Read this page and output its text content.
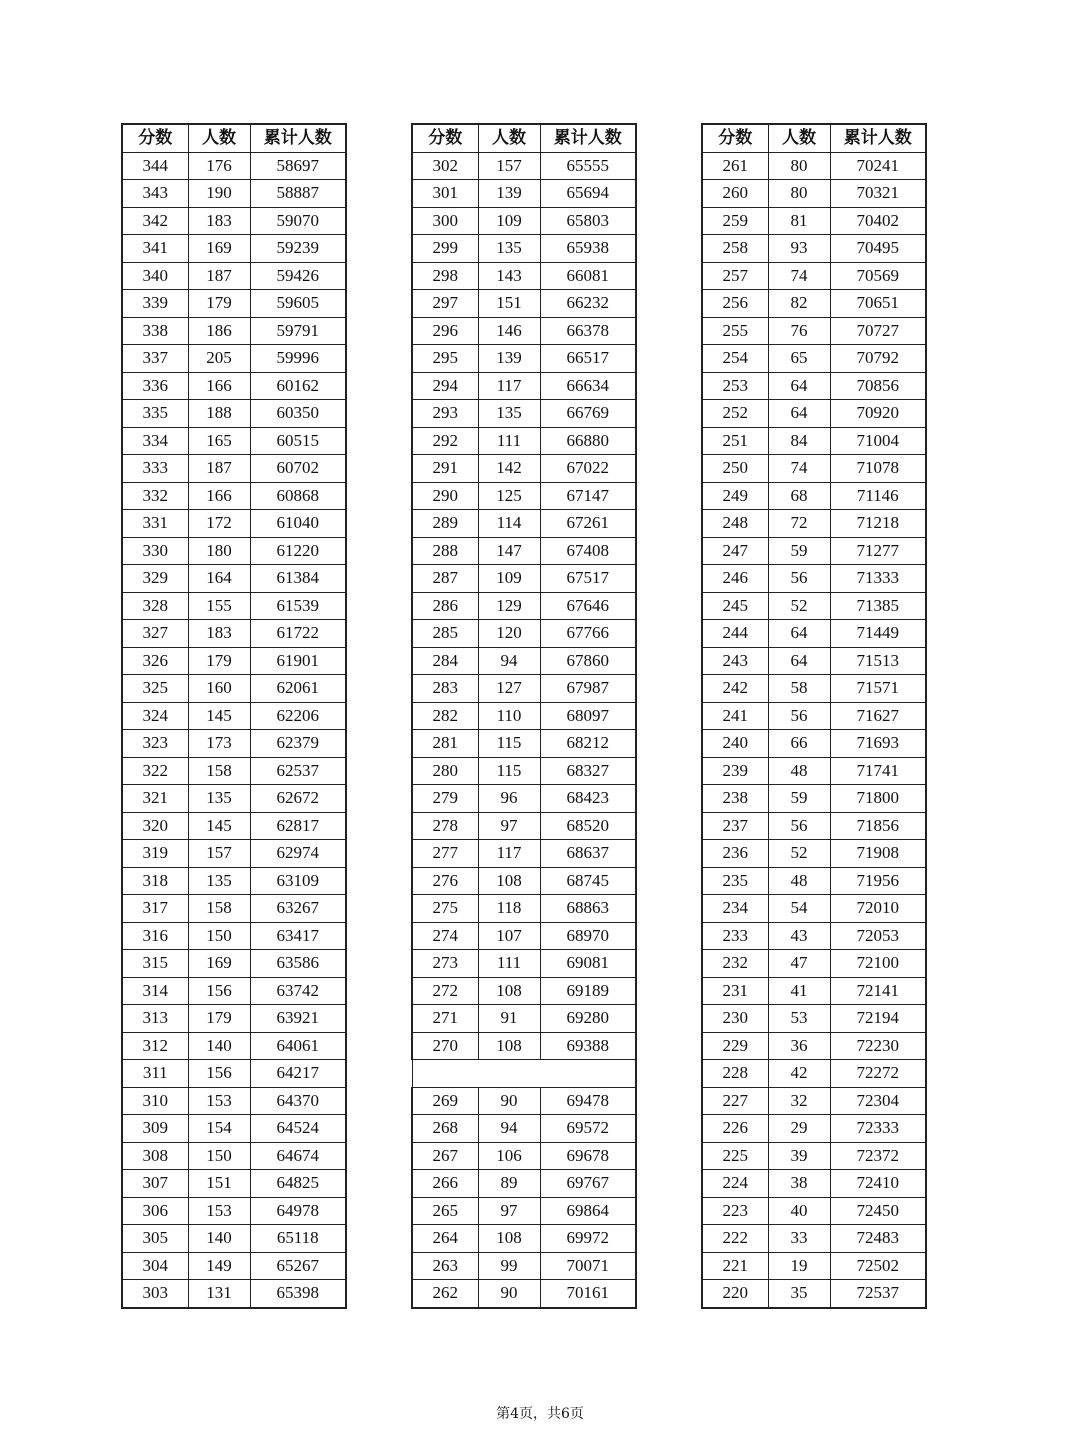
分数	人数	累计人数
344	176	58697
343	190	58887
342	183	59070
341	169	59239
340	187	59426
339	179	59605
338	186	59791
337	205	59996
336	166	60162
335	188	60350
334	165	60515
333	187	60702
332	166	60868
331	172	61040
330	180	61220
329	164	61384
328	155	61539
327	183	61722
326	179	61901
325	160	62061
324	145	62206
323	173	62379
322	158	62537
321	135	62672
320	145	62817
319	157	62974
318	135	63109
317	158	63267
316	150	63417
315	169	63586
314	156	63742
313	179	63921
312	140	64061
311	156	64217
310	153	64370
309	154	64524
308	150	64674
307	151	64825
306	153	64978
305	140	65118
304	149	65267
303	131	65398
分数	人数	累计人数
302	157	65555
301	139	65694
300	109	65803
299	135	65938
298	143	66081
297	151	66232
296	146	66378
295	139	66517
294	117	66634
293	135	66769
292	111	66880
291	142	67022
290	125	67147
289	114	67261
288	147	67408
287	109	67517
286	129	67646
285	120	67766
284	94	67860
283	127	67987
282	110	68097
281	115	68212
280	115	68327
279	96	68423
278	97	68520
277	117	68637
276	108	68745
275	118	68863
274	107	68970
273	111	69081
272	108	69189
271	91	69280
270	108	69388

269	90	69478
268	94	69572
267	106	69678
266	89	69767
265	97	69864
264	108	69972
263	99	70071
262	90	70161
分数	人数	累计人数
261	80	70241
260	80	70321
259	81	70402
258	93	70495
257	74	70569
256	82	70651
255	76	70727
254	65	70792
253	64	70856
252	64	70920
251	84	71004
250	74	71078
249	68	71146
248	72	71218
247	59	71277
246	56	71333
245	52	71385
244	64	71449
243	64	71513
242	58	71571
241	56	71627
240	66	71693
239	48	71741
238	59	71800
237	56	71856
236	52	71908
235	48	71956
234	54	72010
233	43	72053
232	47	72100
231	41	72141
230	53	72194
229	36	72230
228	42	72272
227	32	72304
226	29	72333
225	39	72372
224	38	72410
223	40	72450
222	33	72483
221	19	72502
220	35	72537
第4页，共6页
